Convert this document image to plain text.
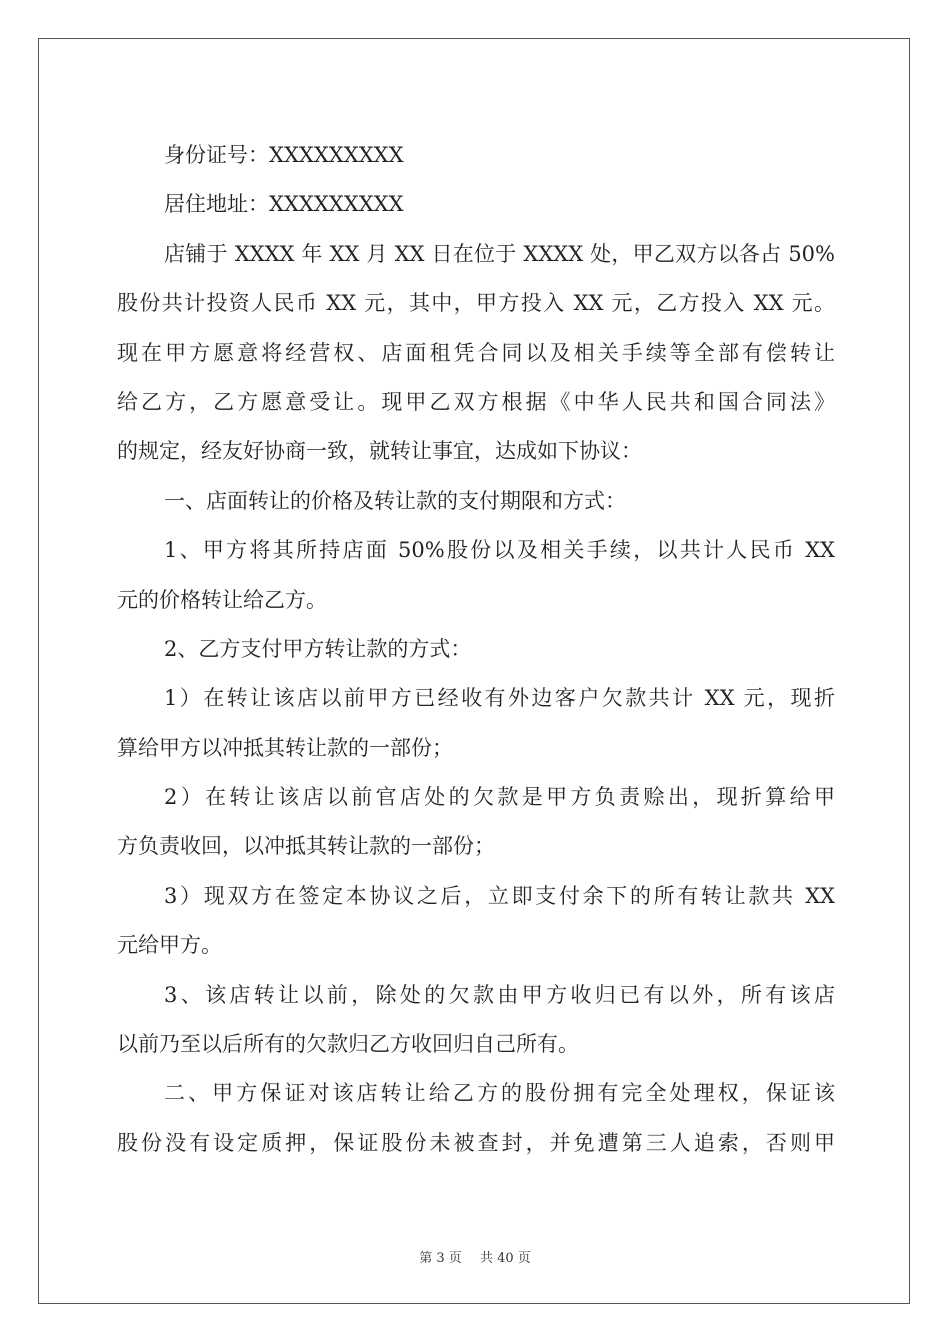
身份证号：XXXXXXXXX
居住地址：XXXXXXXXX
店铺于 XXXX 年 XX 月 XX 日在位于 XXXX 处，甲乙双方以各占 50%
股份共计投资人民币 XX 元，其中，甲方投入 XX 元，乙方投入 XX 元。
现在甲方愿意将经营权、店面租凭合同以及相关手续等全部有偿转让
给乙方，乙方愿意受让。现甲乙双方根据《中华人民共和国合同法》
的规定，经友好协商一致，就转让事宜，达成如下协议：
一、店面转让的价格及转让款的支付期限和方式：
1、甲方将其所持店面 50%股份以及相关手续，以共计人民币 XX
元的价格转让给乙方。
2、乙方支付甲方转让款的方式：
1）在转让该店以前甲方已经收有外边客户欠款共计 XX 元，现折
算给甲方以冲抵其转让款的一部份；
2）在转让该店以前官店处的欠款是甲方负责赊出，现折算给甲
方负责收回，以冲抵其转让款的一部份；
3）现双方在签定本协议之后，立即支付余下的所有转让款共 XX
元给甲方。
3、该店转让以前，除处的欠款由甲方收归已有以外，所有该店
以前乃至以后所有的欠款归乙方收回归自己所有。
二、甲方保证对该店转让给乙方的股份拥有完全处理权，保证该
股份没有设定质押，保证股份未被查封，并免遭第三人追索，否则甲
第 3 页 共 40 页
